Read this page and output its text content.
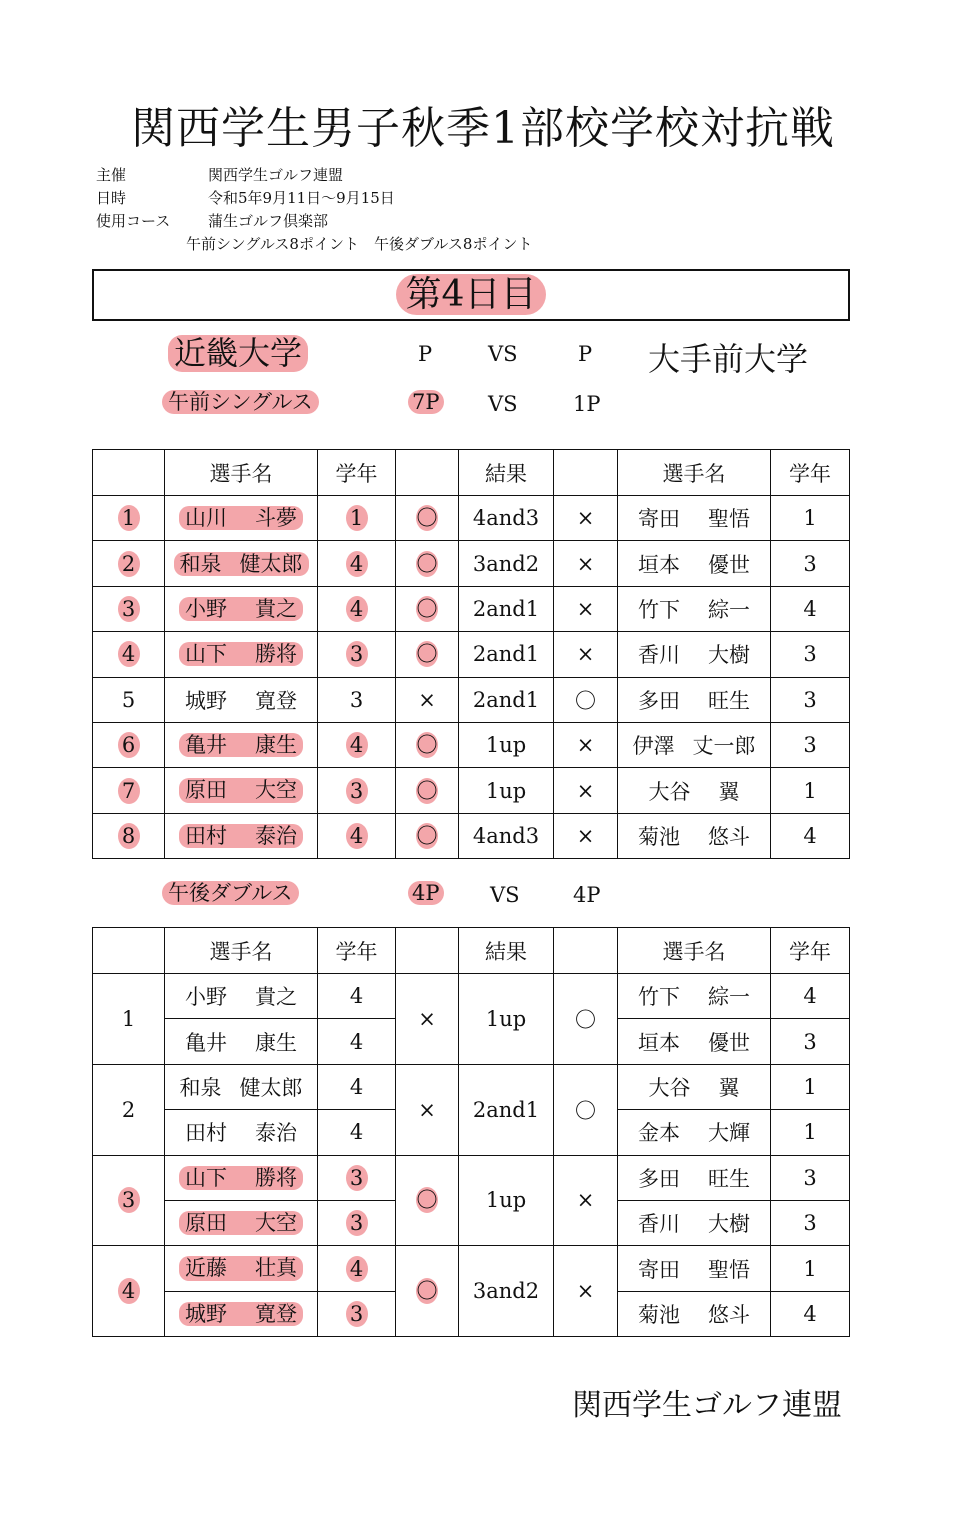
関西学生男子秋季1部校学校対抗戦
主催	関西学生ゴルフ連盟
日時	令和5年9月11日～9月15日
使用コース	蒲生ゴルフ倶楽部
午前シングルス8ポイント　午後ダブルス8ポイント
第4日目
近畿大学	P	VS	P 大手前大学
午前シングルス	7P VS	1P
	選手名	学年		結果		選手名	学年
1	山川 斗夢	1	〇	4and3	×	寄田 聖悟	1
2	和泉 健太郎	4	〇	3and2	×	垣本 優世	3
3	小野 貴之	4	〇	2and1	×	竹下 綜一	4
4	山下 勝将	3	〇	2and1	×	香川 大樹	3
5	城野 寛登	3	×	2and1	〇	多田 旺生	3
6	亀井 康生	4	〇	1up	×	伊澤 丈一郎	3
7	原田 大空	3	〇	1up	×	大谷 翼	1
8	田村 泰治	4	〇	4and3	×	菊池 悠斗	4
午後ダブルス	4P VS	4P
	選手名	学年		結果		選手名	学年
1	小野 貴之	4	×	1up	〇	竹下 綜一	4
	亀井 康生	4				垣本 優世	3
2	和泉 健太郎	4	×	2and1	〇	大谷 翼	1
	田村 泰治	4				金本 大輝	1
3	山下 勝将	3	〇	1up	×	多田 旺生	3
	原田 大空	3				香川 大樹	3
4	近藤 壮真	4	〇	3and2	×	寄田 聖悟	1
	城野 寛登	3				菊池 悠斗	4
関西学生ゴルフ連盟
